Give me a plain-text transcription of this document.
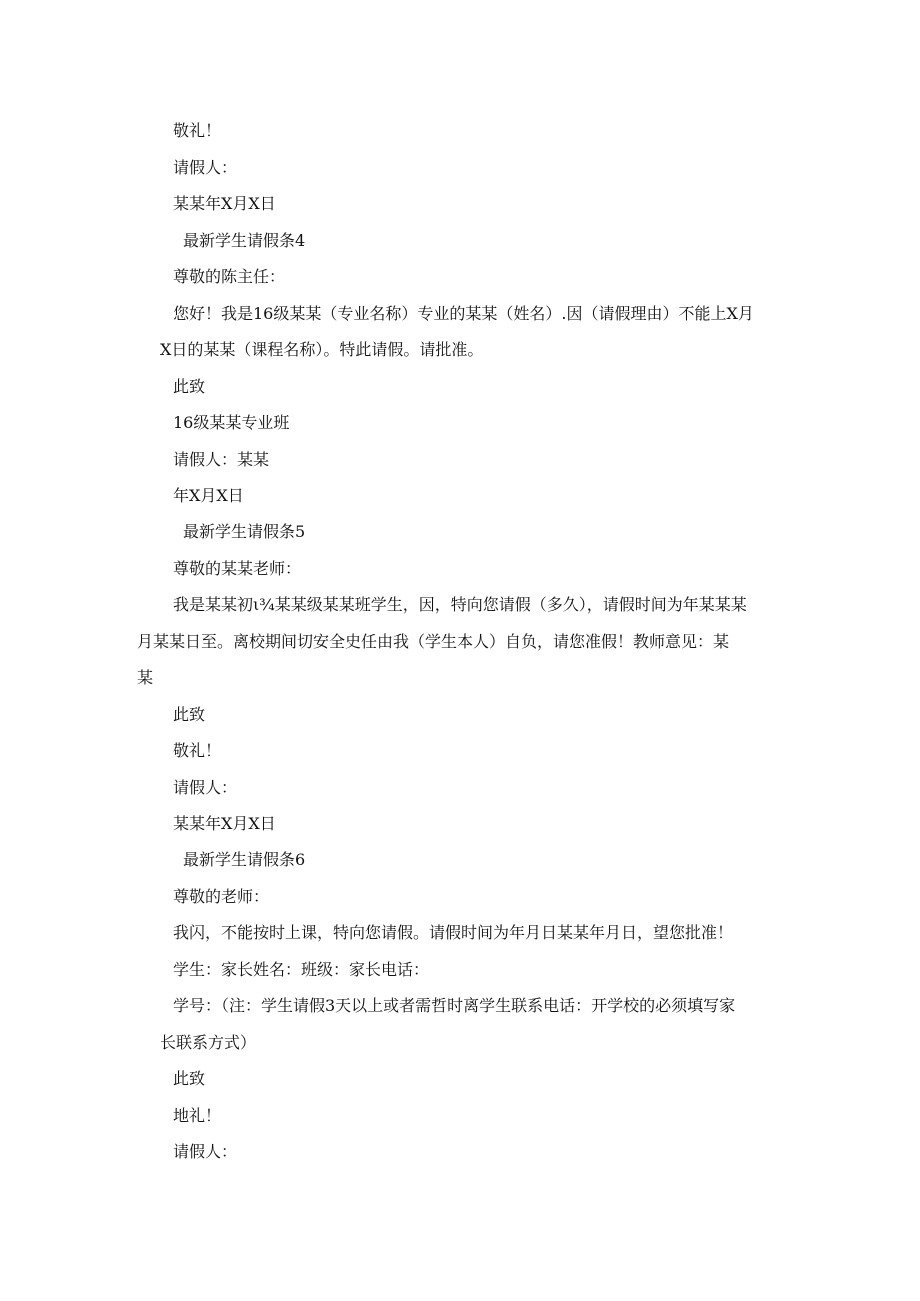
敬礼！
请假人：
某某年X月X日
最新学生请假条4
尊敬的陈主任：
您好！我是16级某某（专业名称）专业的某某（姓名）.因（请假理由）不能上X月
X日的某某（课程名称）。特此请假。请批准。
此致
16级某某专业班
请假人：某某
年X月X日
最新学生请假条5
尊敬的某某老师：
我是某某初ι¾某某级某某班学生，因，特向您请假（多久），请假时间为年某某某
月某某日至。离校期间切安全史任由我（学生本人）自负，请您准假！教师意见：某
某
此致
敬礼！
请假人：
某某年X月X日
最新学生请假条6
尊敬的老师：
我闪，不能按时上课，特向您请假。请假时间为年月日某某年月日，望您批准！
学生：家长姓名：班级：家长电话：
学号：（注：学生请假3天以上或者需哲时离学生联系电话：开学校的必须填写家
长联系方式）
此致
地礼！
请假人：
